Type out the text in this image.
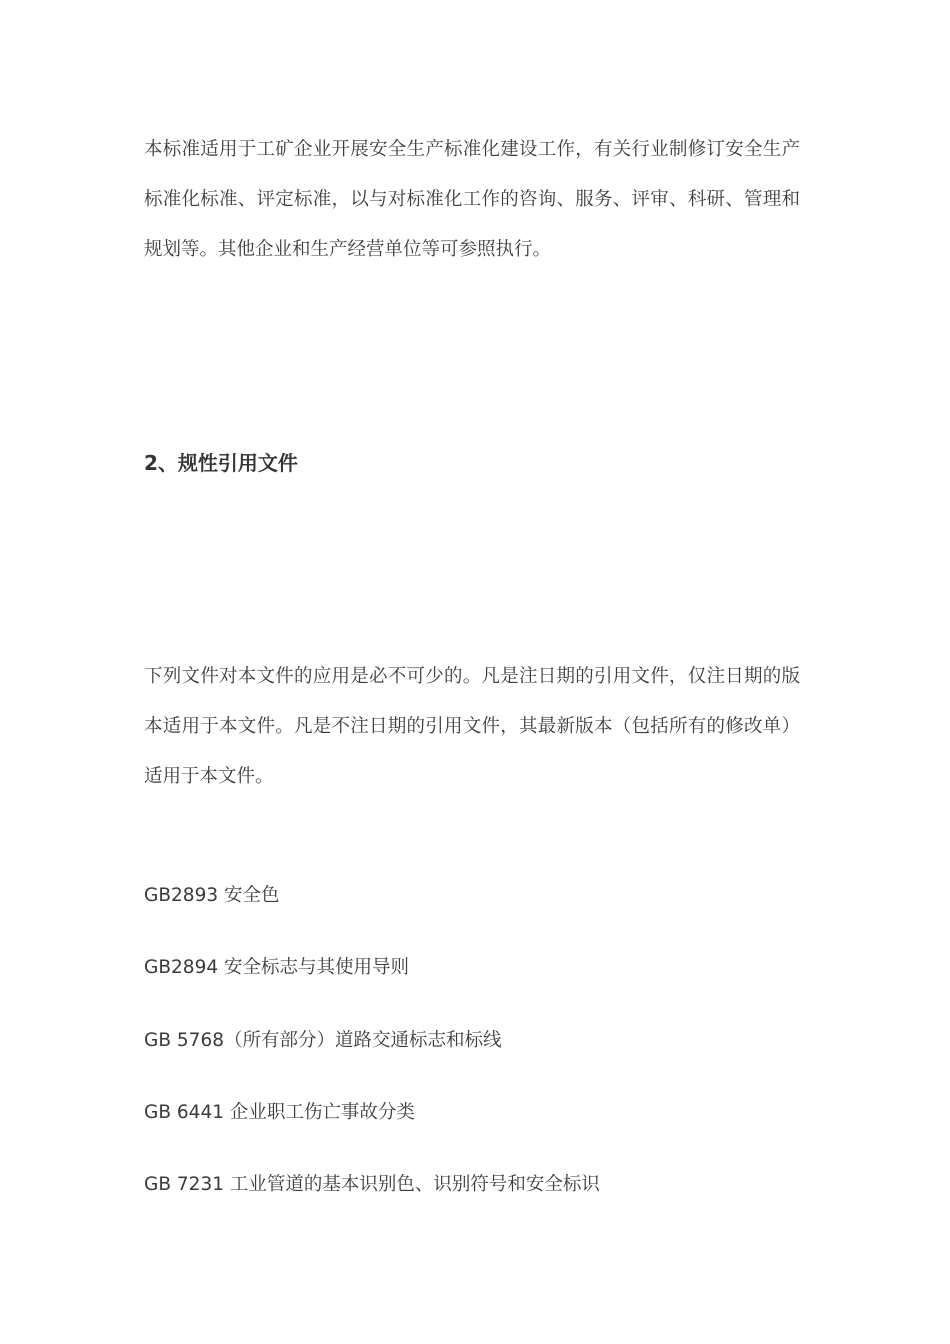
本标准适用于工矿企业开展安全生产标准化建设工作，有关行业制修订安全生产标准化标准、评定标准，以与对标准化工作的咨询、服务、评审、科研、管理和规划等。其他企业和生产经营单位等可参照执行。

2、规性引用文件

下列文件对本文件的应用是必不可少的。凡是注日期的引用文件，仅注日期的版本适用于本文件。凡是不注日期的引用文件，其最新版本（包括所有的修改单）适用于本文件。

GB2893 安全色
GB2894 安全标志与其使用导则
GB 5768（所有部分）道路交通标志和标线
GB 6441 企业职工伤亡事故分类
GB 7231 工业管道的基本识别色、识别符号和安全标识
